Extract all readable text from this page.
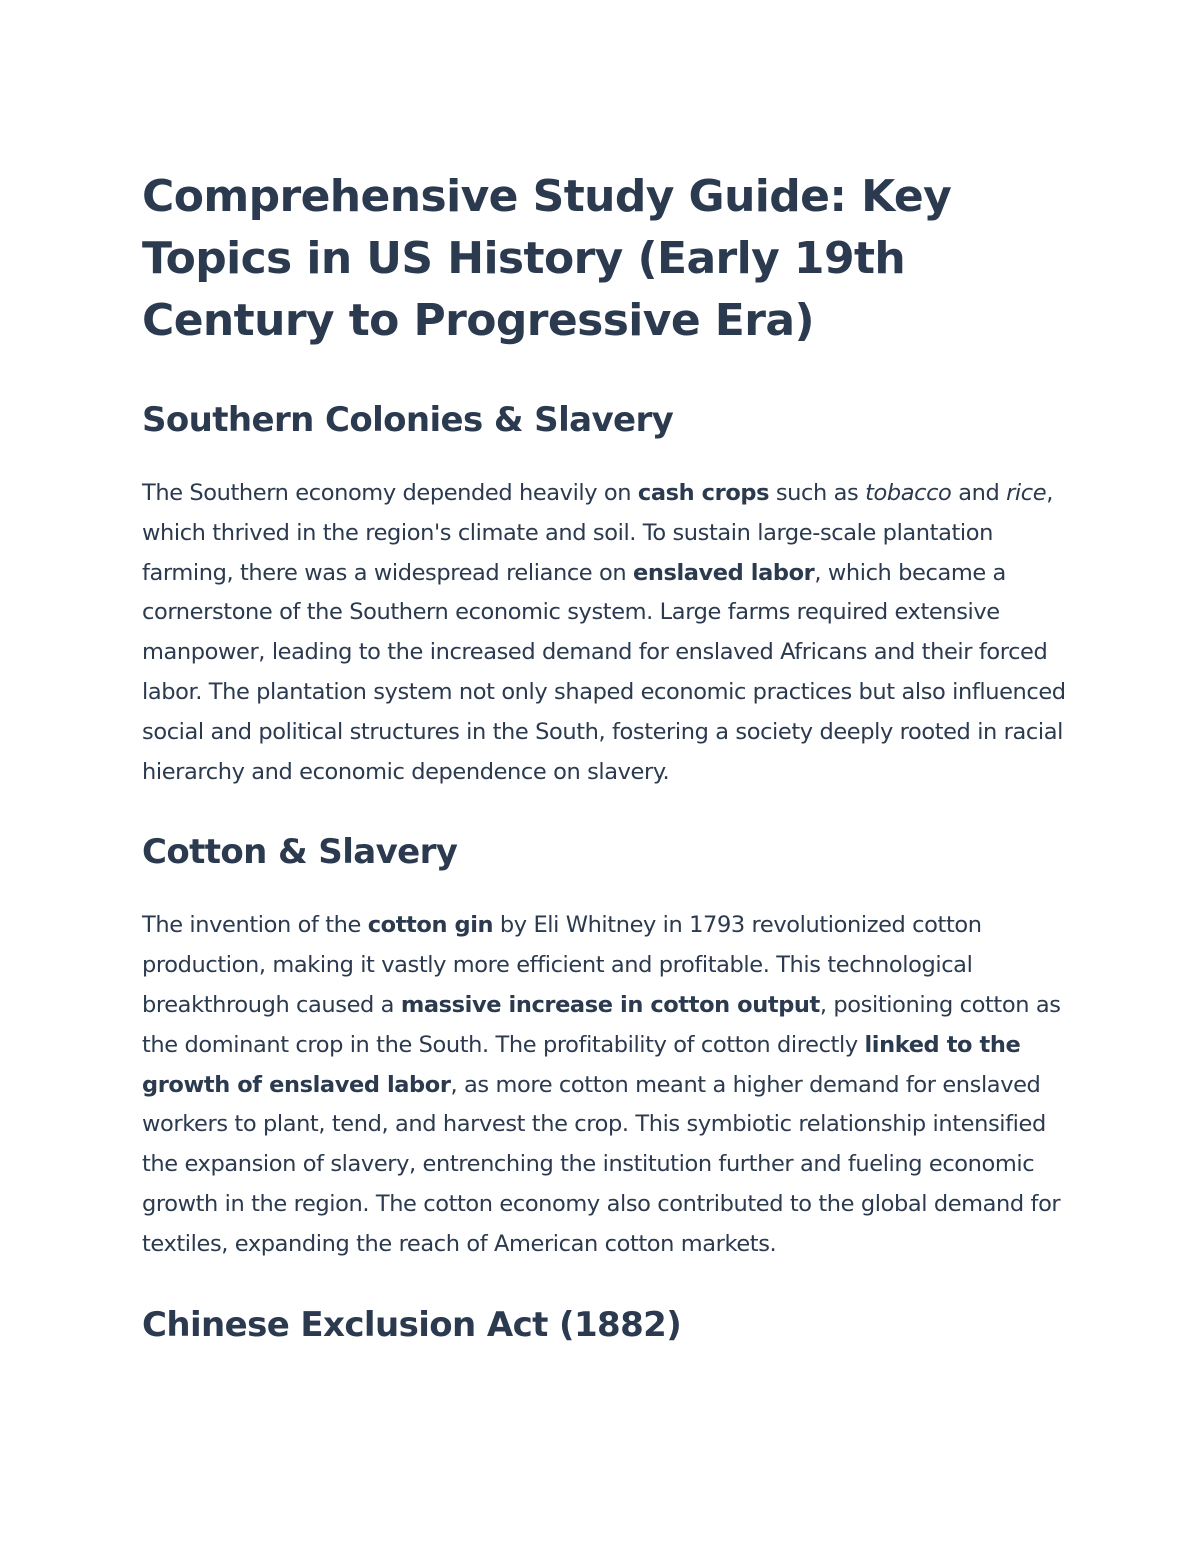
Comprehensive Study Guide: Key Topics in US History (Early 19th Century to Progressive Era)
Southern Colonies & Slavery

The Southern economy depended heavily on cash crops such as tobacco and rice, which thrived in the region's climate and soil. To sustain large-scale plantation farming, there was a widespread reliance on enslaved labor, which became a cornerstone of the Southern economic system. Large farms required extensive manpower, leading to the increased demand for enslaved Africans and their forced labor. The plantation system not only shaped economic practices but also influenced social and political structures in the South, fostering a society deeply rooted in racial hierarchy and economic dependence on slavery.

Cotton & Slavery

The invention of the cotton gin by Eli Whitney in 1793 revolutionized cotton production, making it vastly more efficient and profitable. This technological breakthrough caused a massive increase in cotton output, positioning cotton as the dominant crop in the South. The profitability of cotton directly linked to the growth of enslaved labor, as more cotton meant a higher demand for enslaved workers to plant, tend, and harvest the crop. This symbiotic relationship intensified the expansion of slavery, entrenching the institution further and fueling economic growth in the region. The cotton economy also contributed to the global demand for textiles, expanding the reach of American cotton markets.

Chinese Exclusion Act (1882)
